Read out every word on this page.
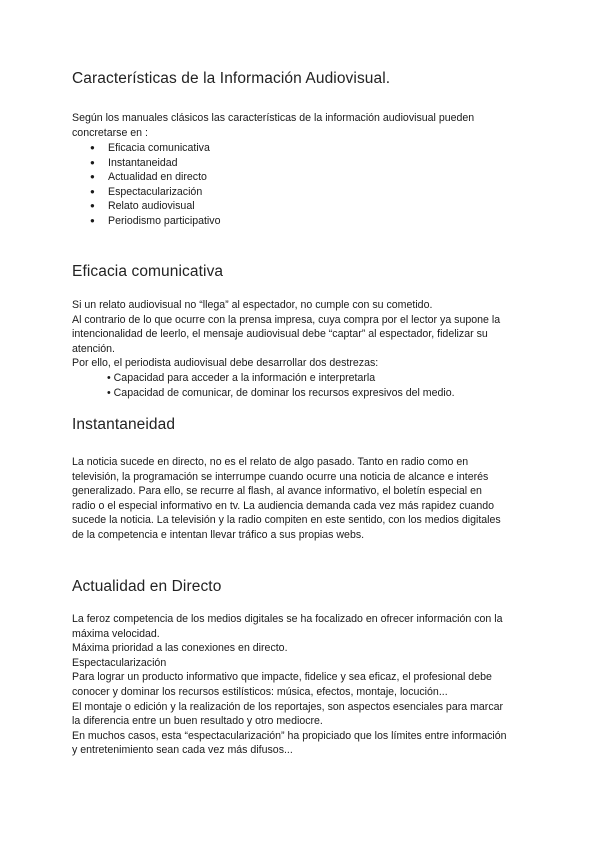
Características de la Información Audiovisual.
Según los manuales clásicos las características de la información audiovisual pueden
concretarse en :
● Eficacia comunicativa
● Instantaneidad
● Actualidad en directo
● Espectacularización
● Relato audiovisual
● Periodismo participativo
Eficacia comunicativa
Si un relato audiovisual no “llega” al espectador, no cumple con su cometido.
Al contrario de lo que ocurre con la prensa impresa, cuya compra por el lector ya supone la
intencionalidad de leerlo, el mensaje audiovisual debe “captar” al espectador, fidelizar su
atención.
Por ello, el periodista audiovisual debe desarrollar dos destrezas:
• Capacidad para acceder a la información e interpretarla
• Capacidad de comunicar, de dominar los recursos expresivos del medio.
Instantaneidad
La noticia sucede en directo, no es el relato de algo pasado. Tanto en radio como en
televisión, la programación se interrumpe cuando ocurre una noticia de alcance e interés
generalizado. Para ello, se recurre al flash, al avance informativo, el boletín especial en
radio o el especial informativo en tv. La audiencia demanda cada vez más rapidez cuando
sucede la noticia. La televisión y la radio compiten en este sentido, con los medios digitales
de la competencia e intentan llevar tráfico a sus propias webs.
Actualidad en Directo
La feroz competencia de los medios digitales se ha focalizado en ofrecer información con la
máxima velocidad.
Máxima prioridad a las conexiones en directo.
Espectacularización
Para lograr un producto informativo que impacte, fidelice y sea eficaz, el profesional debe
conocer y dominar los recursos estilísticos: música, efectos, montaje, locución...
El montaje o edición y la realización de los reportajes, son aspectos esenciales para marcar
la diferencia entre un buen resultado y otro mediocre.
En muchos casos, esta “espectacularización” ha propiciado que los límites entre información
y entretenimiento sean cada vez más difusos...
